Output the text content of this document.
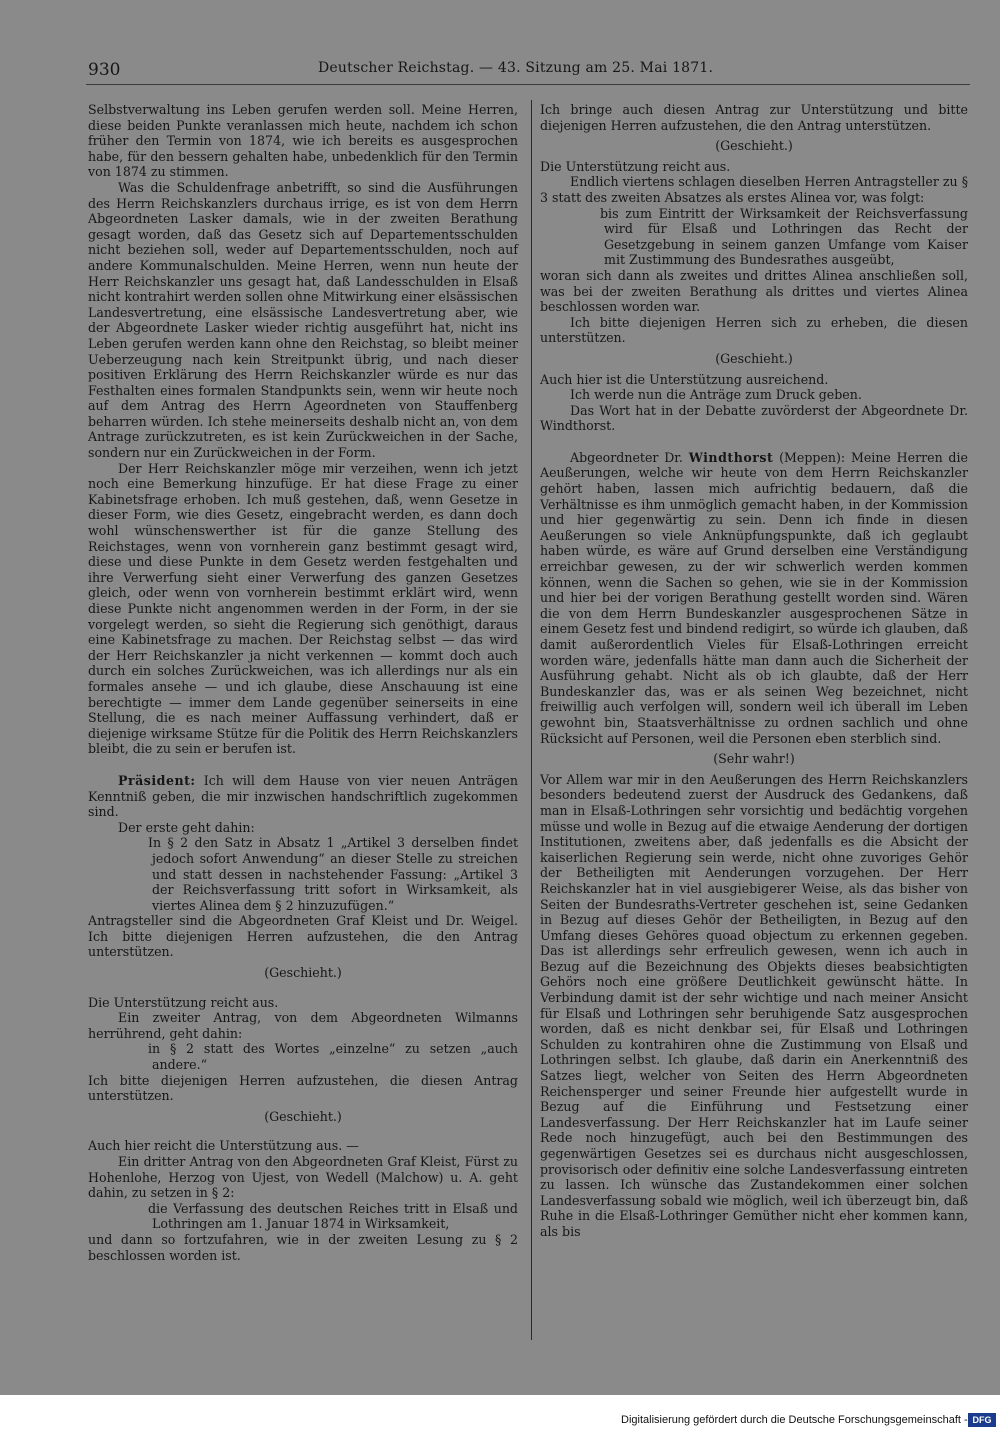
930	Deutscher Reichstag. — 43. Sitzung am 25. Mai 1871.

Selbstverwaltung ins Leben gerufen werden soll. Meine Herren, diese beiden Punkte veranlassen mich heute, nachdem ich schon früher den Termin von 1874, wie ich bereits es ausgesprochen habe, für den bessern gehalten habe, unbedenklich für den Termin von 1874 zu stimmen.

Was die Schuldenfrage anbetrifft, so sind die Ausführungen des Herrn Reichskanzlers durchaus irrige, es ist von dem Herrn Abgeordneten Lasker damals, wie in der zweiten Berathung gesagt worden, daß das Gesetz sich auf Departementsschulden nicht beziehen soll, weder auf Departementsschulden, noch auf andere Kommunalschulden. Meine Herren, wenn nun heute der Herr Reichskanzler uns gesagt hat, daß Landesschulden in Elsaß nicht kontrahirt werden sollen ohne Mitwirkung einer elsässischen Landesvertretung, eine elsässische Landesvertretung aber, wie der Abgeordnete Lasker wieder richtig ausgeführt hat, nicht ins Leben gerufen werden kann ohne den Reichstag, so bleibt meiner Ueberzeugung nach kein Streitpunkt übrig, und nach dieser positiven Erklärung des Herrn Reichskanzler würde es nur das Festhalten eines formalen Standpunkts sein, wenn wir heute noch auf dem Antrag des Herrn Ageordneten von Stauffenberg beharren würden. Ich stehe meinerseits deshalb nicht an, von dem Antrage zurückzutreten, es ist kein Zurückweichen in der Sache, sondern nur ein Zurückweichen in der Form.

Der Herr Reichskanzler möge mir verzeihen, wenn ich jetzt noch eine Bemerkung hinzufüge. Er hat diese Frage zu einer Kabinetsfrage erhoben. Ich muß gestehen, daß, wenn Gesetze in dieser Form, wie dies Gesetz, eingebracht werden, es dann doch wohl wünschenswerther ist für die ganze Stellung des Reichstages, wenn von vornherein ganz bestimmt gesagt wird, diese und diese Punkte in dem Gesetz werden festgehalten und ihre Verwerfung sieht einer Verwerfung des ganzen Gesetzes gleich, oder wenn von vornherein bestimmt erklärt wird, wenn diese Punkte nicht angenommen werden in der Form, in der sie vorgelegt werden, so sieht die Regierung sich genöthigt, daraus eine Kabinetsfrage zu machen. Der Reichstag selbst — das wird der Herr Reichskanzler ja nicht verkennen — kommt doch auch durch ein solches Zurückweichen, was ich allerdings nur als ein formales ansehe — und ich glaube, diese Anschauung ist eine berechtigte — immer dem Lande gegenüber seinerseits in eine Stellung, die es nach meiner Auffassung verhindert, daß er diejenige wirksame Stütze für die Politik des Herrn Reichskanzlers bleibt, die zu sein er berufen ist.

Präsident: Ich will dem Hause von vier neuen Anträgen Kenntniß geben, die mir inzwischen handschriftlich zugekommen sind.

Der erste geht dahin:

In § 2 den Satz in Absatz 1 „Artikel 3 derselben findet jedoch sofort Anwendung“ an dieser Stelle zu streichen und statt dessen in nachstehender Fassung: „Artikel 3 der Reichsverfassung tritt sofort in Wirksamkeit, als viertes Alinea dem § 2 hinzuzufügen.“

Antragsteller sind die Abgeordneten Graf Kleist und Dr. Weigel. Ich bitte diejenigen Herren aufzustehen, die den Antrag unterstützen.

(Geschieht.)

Die Unterstützung reicht aus.

Ein zweiter Antrag, von dem Abgeordneten Wilmanns herrührend, geht dahin:

in § 2 statt des Wortes „einzelne“ zu setzen „auch andere.“

Ich bitte diejenigen Herren aufzustehen, die diesen Antrag unterstützen.

(Geschieht.)

Auch hier reicht die Unterstützung aus. —

Ein dritter Antrag von den Abgeordneten Graf Kleist, Fürst zu Hohenlohe, Herzog von Ujest, von Wedell (Malchow) u. A. geht dahin, zu setzen in § 2:

die Verfassung des deutschen Reiches tritt in Elsaß und Lothringen am 1. Januar 1874 in Wirksamkeit,

und dann so fortzufahren, wie in der zweiten Lesung zu § 2 beschlossen worden ist.

Ich bringe auch diesen Antrag zur Unterstützung und bitte diejenigen Herren aufzustehen, die den Antrag unterstützen.

(Geschieht.)

Die Unterstützung reicht aus.

Endlich viertens schlagen dieselben Herren Antragsteller zu § 3 statt des zweiten Absatzes als erstes Alinea vor, was folgt:

bis zum Eintritt der Wirksamkeit der Reichsverfassung wird für Elsaß und Lothringen das Recht der Gesetzgebung in seinem ganzen Umfange vom Kaiser mit Zustimmung des Bundesrathes ausgeübt,

woran sich dann als zweites und drittes Alinea anschließen soll, was bei der zweiten Berathung als drittes und viertes Alinea beschlossen worden war.

Ich bitte diejenigen Herren sich zu erheben, die diesen unterstützen.

(Geschieht.)

Auch hier ist die Unterstützung ausreichend.

Ich werde nun die Anträge zum Druck geben.

Das Wort hat in der Debatte zuvörderst der Abgeordnete Dr. Windthorst.

Abgeordneter Dr. Windthorst (Meppen): Meine Herren die Aeußerungen, welche wir heute von dem Herrn Reichskanzler gehört haben, lassen mich aufrichtig bedauern, daß die Verhältnisse es ihm unmöglich gemacht haben, in der Kommission und hier gegenwärtig zu sein. Denn ich finde in diesen Aeußerungen so viele Anknüpfungspunkte, daß ich geglaubt haben würde, es wäre auf Grund derselben eine Verständigung erreichbar gewesen, zu der wir schwerlich werden kommen können, wenn die Sachen so gehen, wie sie in der Kommission und hier bei der vorigen Berathung gestellt worden sind. Wären die von dem Herrn Bundeskanzler ausgesprochenen Sätze in einem Gesetz fest und bindend redigirt, so würde ich glauben, daß damit außerordentlich Vieles für Elsaß-Lothringen erreicht worden wäre, jedenfalls hätte man dann auch die Sicherheit der Ausführung gehabt. Nicht als ob ich glaubte, daß der Herr Bundeskanzler das, was er als seinen Weg bezeichnet, nicht freiwillig auch verfolgen will, sondern weil ich überall im Leben gewohnt bin, Staatsverhältnisse zu ordnen sachlich und ohne Rücksicht auf Personen, weil die Personen eben sterblich sind.

(Sehr wahr!)

Vor Allem war mir in den Aeußerungen des Herrn Reichskanzlers besonders bedeutend zuerst der Ausdruck des Gedankens, daß man in Elsaß-Lothringen sehr vorsichtig und bedächtig vorgehen müsse und wolle in Bezug auf die etwaige Aenderung der dortigen Institutionen, zweitens aber, daß jedenfalls es die Absicht der kaiserlichen Regierung sein werde, nicht ohne zuvoriges Gehör der Betheiligten mit Aenderungen vorzugehen. Der Herr Reichskanzler hat in viel ausgiebigerer Weise, als das bisher von Seiten der Bundesraths-Vertreter geschehen ist, seine Gedanken in Bezug auf dieses Gehör der Betheiligten, in Bezug auf den Umfang dieses Gehöres quoad objectum zu erkennen gegeben. Das ist allerdings sehr erfreulich gewesen, wenn ich auch in Bezug auf die Bezeichnung des Objekts dieses beabsichtigten Gehörs noch eine größere Deutlichkeit gewünscht hätte. In Verbindung damit ist der sehr wichtige und nach meiner Ansicht für Elsaß und Lothringen sehr beruhigende Satz ausgesprochen worden, daß es nicht denkbar sei, für Elsaß und Lothringen Schulden zu kontrahiren ohne die Zustimmung von Elsaß und Lothringen selbst. Ich glaube, daß darin ein Anerkenntniß des Satzes liegt, welcher von Seiten des Herrn Abgeordneten Reichensperger und seiner Freunde hier aufgestellt wurde in Bezug auf die Einführung und Festsetzung einer Landesverfassung. Der Herr Reichskanzler hat im Laufe seiner Rede noch hinzugefügt, auch bei den Bestimmungen des gegenwärtigen Gesetzes sei es durchaus nicht ausgeschlossen, provisorisch oder definitiv eine solche Landesverfassung eintreten zu lassen. Ich wünsche das Zustandekommen einer solchen Landesverfassung sobald wie möglich, weil ich überzeugt bin, daß Ruhe in die Elsaß-Lothringer Gemüther nicht eher kommen kann, als bis

Digitalisierung gefördert durch die Deutsche Forschungsgemeinschaft - DFG
